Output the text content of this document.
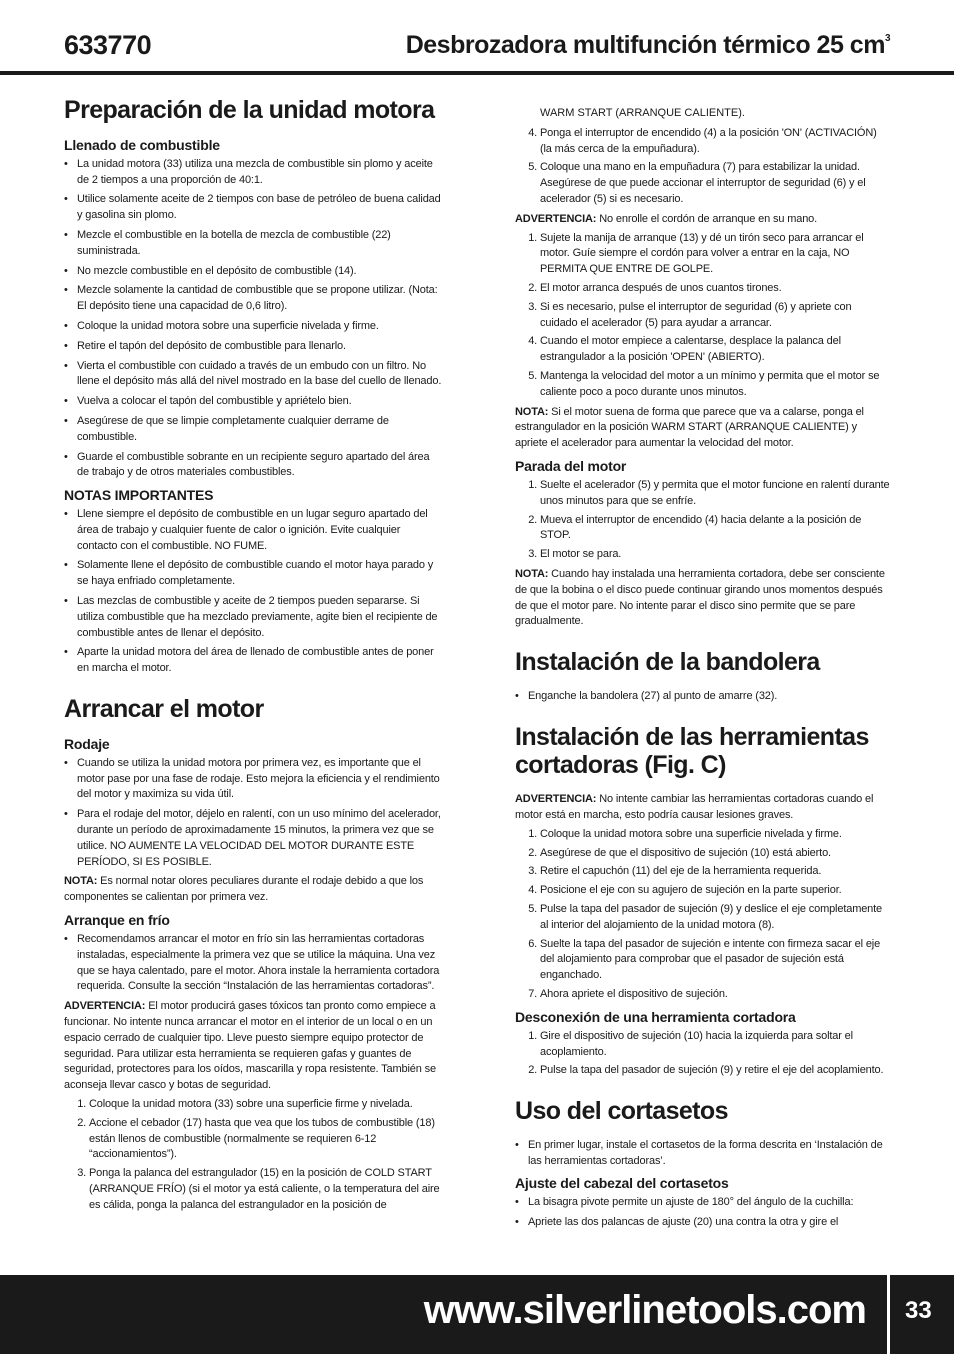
633770	Desbrozadora multifunción térmico 25 $cm^3$
Preparación de la unidad motora
Llenado de combustible
• La unidad motora (33) utiliza una mezcla de combustible sin plomo y aceite de 2 tiempos a una proporción de 40:1.
• Utilice solamente aceite de 2 tiempos con base de petróleo de buena calidad y gasolina sin plomo.
• Mezcle el combustible en la botella de mezcla de combustible (22) suministrada.
• No mezcle combustible en el depósito de combustible (14).
• Mezcle solamente la cantidad de combustible que se propone utilizar. (Nota: El depósito tiene una capacidad de 0,6 litro).
• Coloque la unidad motora sobre una superficie nivelada y firme.
• Retire el tapón del depósito de combustible para llenarlo.
• Vierta el combustible con cuidado a través de un embudo con un filtro. No llene el depósito más allá del nivel mostrado en la base del cuello de llenado.
• Vuelva a colocar el tapón del combustible y apriételo bien.
• Asegúrese de que se limpie completamente cualquier derrame de combustible.
• Guarde el combustible sobrante en un recipiente seguro apartado del área de trabajo y de otros materiales combustibles.
NOTAS IMPORTANTES
• Llene siempre el depósito de combustible en un lugar seguro apartado del área de trabajo y cualquier fuente de calor o ignición. Evite cualquier contacto con el combustible. NO FUME.
• Solamente llene el depósito de combustible cuando el motor haya parado y se haya enfriado completamente.
• Las mezclas de combustible y aceite de 2 tiempos pueden separarse. Si utiliza combustible que ha mezclado previamente, agite bien el recipiente de combustible antes de llenar el depósito.
• Aparte la unidad motora del área de llenado de combustible antes de poner en marcha el motor.
Arrancar el motor
Rodaje
• Cuando se utiliza la unidad motora por primera vez, es importante que el motor pase por una fase de rodaje. Esto mejora la eficiencia y el rendimiento del motor y maximiza su vida útil.
• Para el rodaje del motor, déjelo en ralentí, con un uso mínimo del acelerador, durante un período de aproximadamente 15 minutos, la primera vez que se utilice. NO AUMENTE LA VELOCIDAD DEL MOTOR DURANTE ESTE PERÍODO, SI ES POSIBLE.

NOTA: Es normal notar olores peculiares durante el rodaje debido a que los componentes se calientan por primera vez.

Arranque en frío
• Recomendamos arrancar el motor en frío sin las herramientas cortadoras instaladas, especialmente la primera vez que se utilice la máquina. Una vez que se haya calentado, pare el motor. Ahora instale la herramienta cortadora requerida. Consulte la sección “Instalación de las herramientas cortadoras”.

ADVERTENCIA: El motor producirá gases tóxicos tan pronto como empiece a funcionar. No intente nunca arrancar el motor en el interior de un local o en un espacio cerrado de cualquier tipo. Lleve puesto siempre equipo protector de seguridad. Para utilizar esta herramienta se requieren gafas y guantes de seguridad, protectores para los oídos, mascarilla y ropa resistente. También se aconseja llevar casco y botas de seguridad.

1. Coloque la unidad motora (33) sobre una superficie firme y nivelada.
2. Accione el cebador (17) hasta que vea que los tubos de combustible (18) están llenos de combustible (normalmente se requieren 6-12 “accionamientos”).
3. Ponga la palanca del estrangulador (15) en la posición de COLD START (ARRANQUE FRÍO) (si el motor ya está caliente, o la temperatura del aire es cálida, ponga la palanca del estrangulador en la posición de
WARM START (ARRANQUE CALIENTE).
4. Ponga el interruptor de encendido (4) a la posición 'ON' (ACTIVACIÓN) (la más cerca de la empuñadura).
5. Coloque una mano en la empuñadura (7) para estabilizar la unidad. Asegúrese de que puede accionar el interruptor de seguridad (6) y el acelerador (5) si es necesario.

ADVERTENCIA: No enrolle el cordón de arranque en su mano.

1. Sujete la manija de arranque (13) y dé un tirón seco para arrancar el motor. Guíe siempre el cordón para volver a entrar en la caja, NO PERMITA QUE ENTRE DE GOLPE.
2. El motor arranca después de unos cuantos tirones.
3. Si es necesario, pulse el interruptor de seguridad (6) y apriete con cuidado el acelerador (5) para ayudar a arrancar.
4. Cuando el motor empiece a calentarse, desplace la palanca del estrangulador a la posición 'OPEN' (ABIERTO).
5. Mantenga la velocidad del motor a un mínimo y permita que el motor se caliente poco a poco durante unos minutos.

NOTA: Si el motor suena de forma que parece que va a calarse, ponga el estrangulador en la posición WARM START (ARRANQUE CALIENTE) y apriete el acelerador para aumentar la velocidad del motor.

Parada del motor
1. Suelte el acelerador (5) y permita que el motor funcione en ralentí durante unos minutos para que se enfríe.
2. Mueva el interruptor de encendido (4) hacia delante a la posición de STOP.
3. El motor se para.

NOTA: Cuando hay instalada una herramienta cortadora, debe ser consciente de que la bobina o el disco puede continuar girando unos momentos después de que el motor pare. No intente parar el disco sino permite que se pare gradualmente.

Instalación de la bandolera
• Enganche la bandolera (27) al punto de amarre (32).
Instalación de las herramientas cortadoras (Fig. C)

ADVERTENCIA: No intente cambiar las herramientas cortadoras cuando el motor está en marcha, esto podría causar lesiones graves.

1. Coloque la unidad motora sobre una superficie nivelada y firme.
2. Asegúrese de que el dispositivo de sujeción (10) está abierto.
3. Retire el capuchón (11) del eje de la herramienta requerida.
4. Posicione el eje con su agujero de sujeción en la parte superior.
5. Pulse la tapa del pasador de sujeción (9) y deslice el eje completamente al interior del alojamiento de la unidad motora (8).
6. Suelte la tapa del pasador de sujeción e intente con firmeza sacar el eje del alojamiento para comprobar que el pasador de sujeción está enganchado.
7. Ahora apriete el dispositivo de sujeción.
Desconexión de una herramienta cortadora
1. Gire el dispositivo de sujeción (10) hacia la izquierda para soltar el acoplamiento.
2. Pulse la tapa del pasador de sujeción (9) y retire el eje del acoplamiento.
Uso del cortasetos
• En primer lugar, instale el cortasetos de la forma descrita en ‘Instalación de las herramientas cortadoras’.
Ajuste del cabezal del cortasetos
• La bisagra pivote permite un ajuste de 180° del ángulo de la cuchilla:
• Apriete las dos palancas de ajuste (20) una contra la otra y gire el
www.silverlinetools.com 33
